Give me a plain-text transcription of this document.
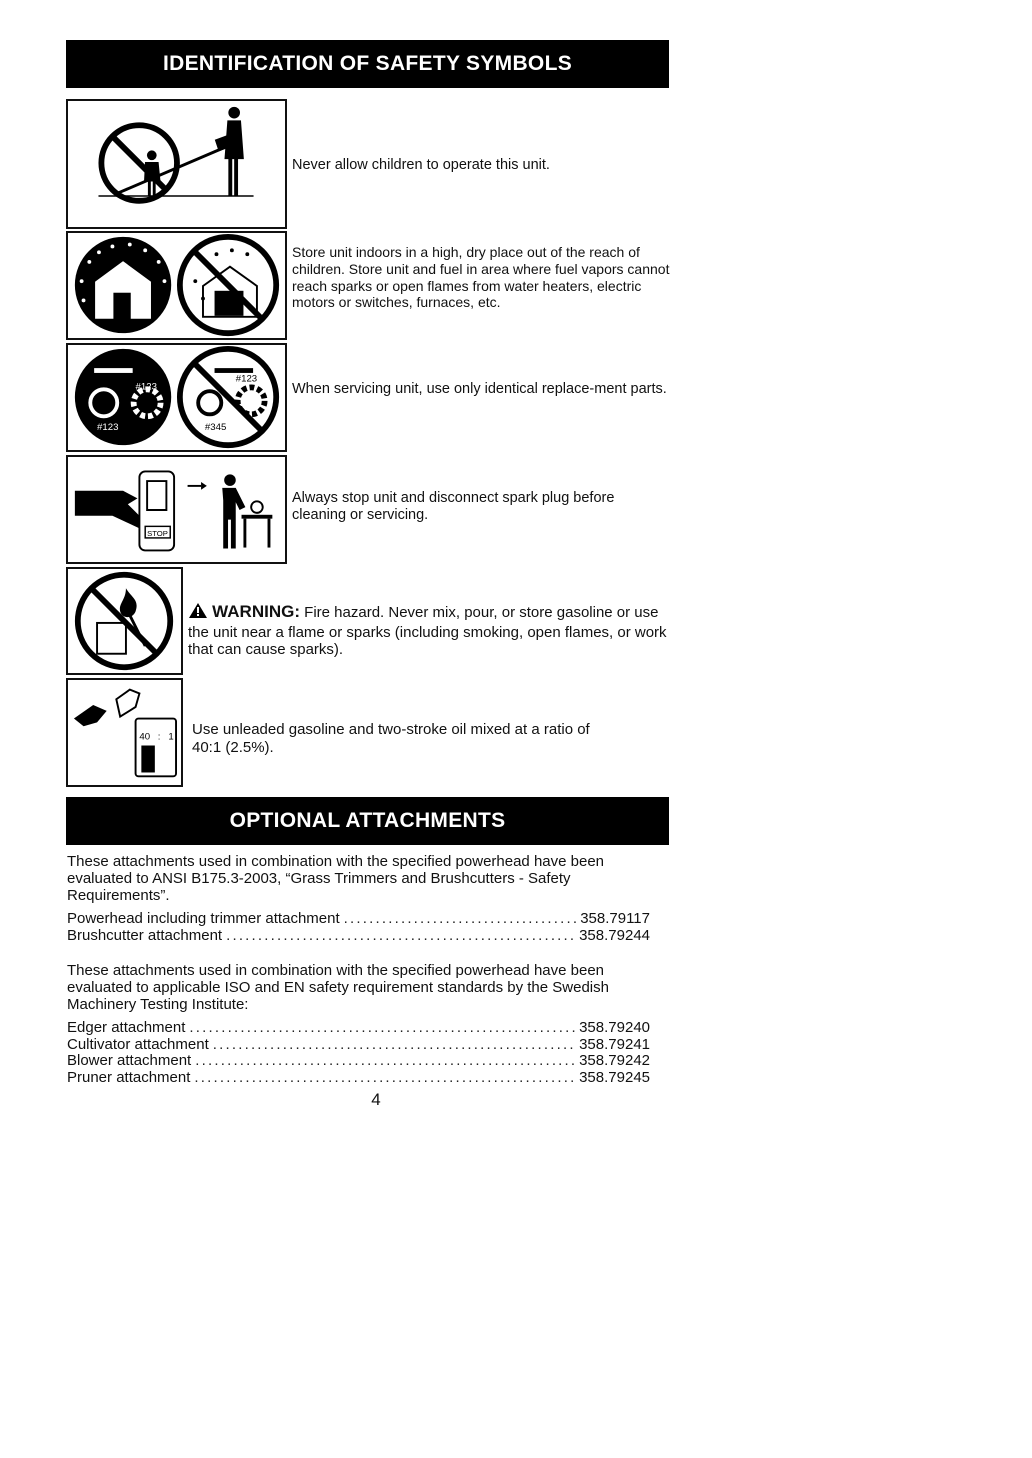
IDENTIFICATION OF SAFETY SYMBOLS
Never allow children to operate this unit.
Store unit indoors in a high, dry place out of the reach of children. Store unit and fuel in area where fuel vapors cannot reach sparks or open flames from water heaters, electric motors or switches, furnaces, etc.
#123
#123
#123
#345
When servicing unit, use only identical replace-ment parts.
STOP
Always stop unit and disconnect spark plug before cleaning or servicing.
WARNING: Fire hazard. Never mix, pour, or store gasoline or use the unit near a flame or sparks (including smoking, open flames, or work that can cause sparks).
40 : 1 Use unleaded gasoline and two-stroke oil mixed at a ratio of 40:1 (2.5%).
OPTIONAL ATTACHMENTS
These attachments used in combination with the specified powerhead have been evaluated to ANSI B175.3-2003, “Grass Trimmers and Brushcutters - Safety Requirements”.
Powerhead including trimmer attachment .....	358.79117
Brushcutter attachment .....	358.79244
These attachments used in combination with the specified powerhead have been evaluated to applicable ISO and EN safety requirement standards by the Swedish Machinery Testing Institute:
Edger attachment .....	358.79240
Cultivator attachment .....	358.79241
Blower attachment .....	358.79242
Pruner attachment .....	358.79245
4
